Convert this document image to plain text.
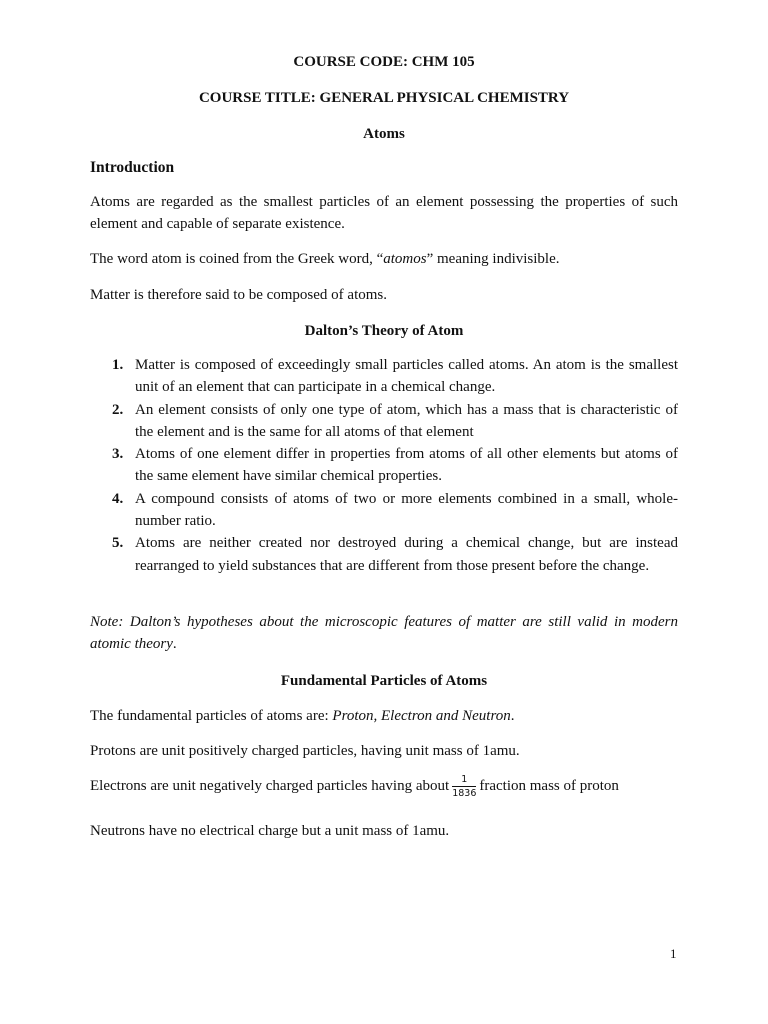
COURSE CODE: CHM 105

COURSE TITLE: GENERAL PHYSICAL CHEMISTRY

Atoms

Introduction

Atoms are regarded as the smallest particles of an element possessing the properties of such element and capable of separate existence.

The word atom is coined from the Greek word, “atomos” meaning indivisible.

Matter is therefore said to be composed of atoms.

Dalton’s Theory of Atom

1. Matter is composed of exceedingly small particles called atoms. An atom is the smallest unit of an element that can participate in a chemical change.
2. An element consists of only one type of atom, which has a mass that is characteristic of the element and is the same for all atoms of that element
3. Atoms of one element differ in properties from atoms of all other elements but atoms of the same element have similar chemical properties.
4. A compound consists of atoms of two or more elements combined in a small, whole-number ratio.
5. Atoms are neither created nor destroyed during a chemical change, but are instead rearranged to yield substances that are different from those present before the change.

Note: Dalton’s hypotheses about the microscopic features of matter are still valid in modern atomic theory.

Fundamental Particles of Atoms

The fundamental particles of atoms are: Proton, Electron and Neutron.

Protons are unit positively charged particles, having unit mass of 1amu.

Electrons are unit negatively charged particles having about $\frac{1}{1836}$ fraction mass of proton

Neutrons have no electrical charge but a unit mass of 1amu.

1
